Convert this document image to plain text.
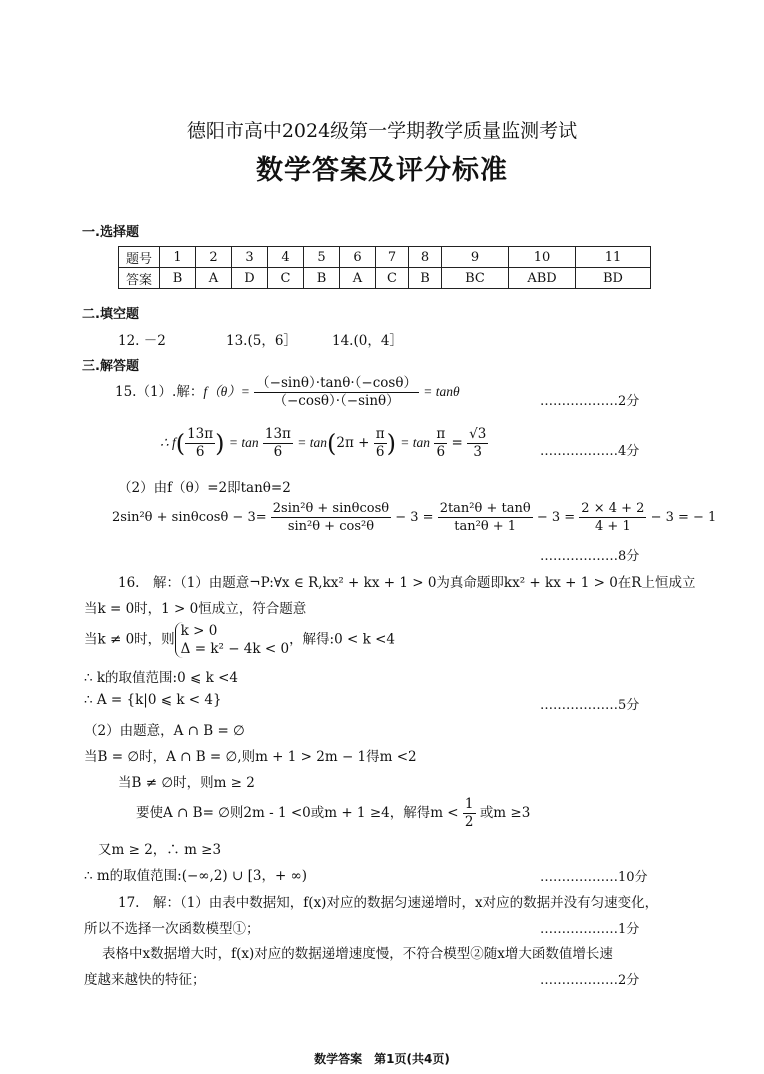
德阳市高中2024级第一学期教学质量监测考试
数学答案及评分标准
一.选择题
题号	1	2	3	4	5	6	7	8	9	10	11
答案	B	A	D	C	B	A	C	B	BC	ABD	BD
二.填空题
12. －2	13.(5，6］	14.(0，4］
三.解答题
15.（1）.解：$f(\theta)= \frac{(-\sin\theta)\cdot\tan\theta\cdot(-\cos\theta)}{(-\cos\theta)\cdot(-\sin\theta)} = \tan\theta$
………………2分
∴ $f( \frac{13\pi}{6}$ ) = $\tan \frac{13\pi}{6} = \tan(2\pi + \frac{\pi}{6}$ ) = $\tan \frac{\pi}{6} = \frac{√3}{3}$	………………4分
（2）由f（θ）=2即tanθ=2
$2\sin^2\theta + \sin\theta\cos\theta - 3= \frac{\text{2sin²θ + sinθcosθ}}{\text{sin²θ + cos²θ}} - 3 = \frac{\text{2tan²θ + tanθ}}{\text{tan²θ + 1}} - 3 = \frac{2 \times 4 + 2}{4 + 1} - 3$ = − 1
………………8分
16.　解：（1）由题意¬P:∀x ∈ R,kx² + kx + 1 > 0为真命题即kx² + kx + 1 > 0在R上恒成立
当k = 0时，1 > 0恒成立，符合题意
当k ≠ 0时，则
k > 0
Δ = k² − 4k < 0
，解得:0 < k <4
∴ k的取值范围:0 ⩽ k <4
∴ A = {k|0 ⩽ k < 4}	………………5分
（2）由题意，A ∩ B = ∅
当B = ∅时，A ∩ B = ∅,则m + 1 > 2m − 1得m <2
当B ≠ ∅时，则m ≥ 2
要使A ∩ B= ∅则2m - 1 <0或m + 1 ≥4，解得$m < \frac{1}{2}$ 或m ≥3
又m ≥ 2，∴ m ≥3
∴ m的取值范围:(−∞,2) ∪ [3，+ ∞)	………………10分
17.　解：（1）由表中数据知，f(x)对应的数据匀速递增时，x对应的数据并没有匀速变化，
所以不选择一次函数模型①；	………………1分
表格中x数据增大时，f(x)对应的数据递增速度慢，不符合模型②随x增大函数值增长速
度越来越快的特征；	………………2分
数学答案　第1页(共4页)
